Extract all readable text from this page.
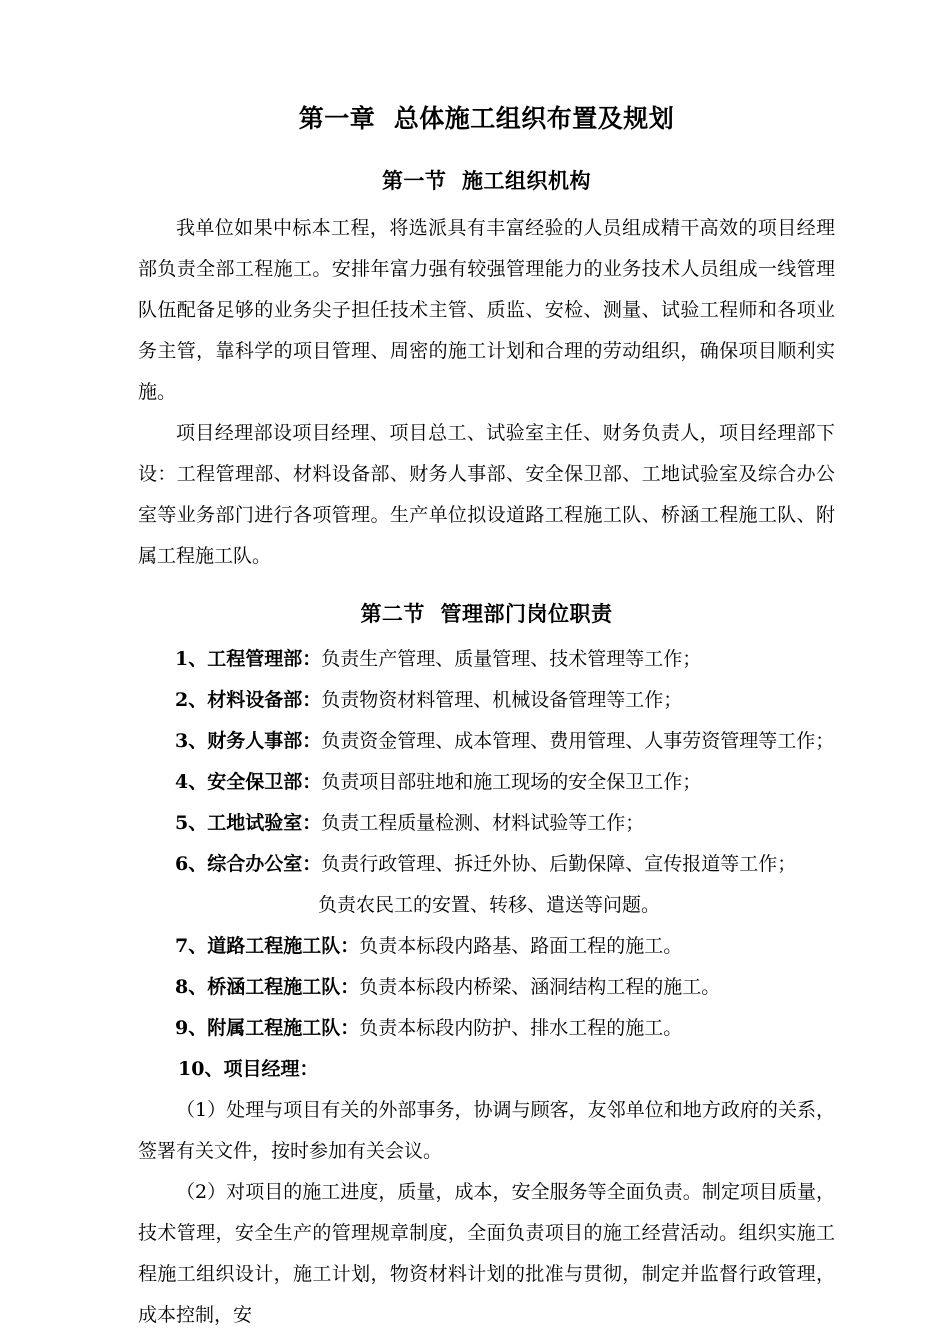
第一章  总体施工组织布置及规划
第一节  施工组织机构

我单位如果中标本工程，将选派具有丰富经验的人员组成精干高效的项目经理部负责全部工程施工。安排年富力强有较强管理能力的业务技术人员组成一线管理队伍配备足够的业务尖子担任技术主管、质监、安检、测量、试验工程师和各项业务主管，靠科学的项目管理、周密的施工计划和合理的劳动组织，确保项目顺利实施。

项目经理部设项目经理、项目总工、试验室主任、财务负责人，项目经理部下设：工程管理部、材料设备部、财务人事部、安全保卫部、工地试验室及综合办公室等业务部门进行各项管理。生产单位拟设道路工程施工队、桥涵工程施工队、附属工程施工队。

第二节  管理部门岗位职责
1、工程管理部：负责生产管理、质量管理、技术管理等工作；
2、材料设备部：负责物资材料管理、机械设备管理等工作；
3、财务人事部：负责资金管理、成本管理、费用管理、人事劳资管理等工作；
4、安全保卫部：负责项目部驻地和施工现场的安全保卫工作；
5、工地试验室：负责工程质量检测、材料试验等工作；
6、综合办公室：负责行政管理、拆迁外协、后勤保障、宣传报道等工作；

负责农民工的安置、转移、遣送等问题。

7、道路工程施工队：负责本标段内路基、路面工程的施工。
8、桥涵工程施工队：负责本标段内桥梁、涵洞结构工程的施工。
9、附属工程施工队：负责本标段内防护、排水工程的施工。

10、项目经理：

（1）处理与项目有关的外部事务，协调与顾客，友邻单位和地方政府的关系，签署有关文件，按时参加有关会议。

（2）对项目的施工进度，质量，成本，安全服务等全面负责。制定项目质量，技术管理，安全生产的管理规章制度，全面负责项目的施工经营活动。组织实施工程施工组织设计，施工计划，物资材料计划的批准与贯彻，制定并监督行政管理，成本控制，安
